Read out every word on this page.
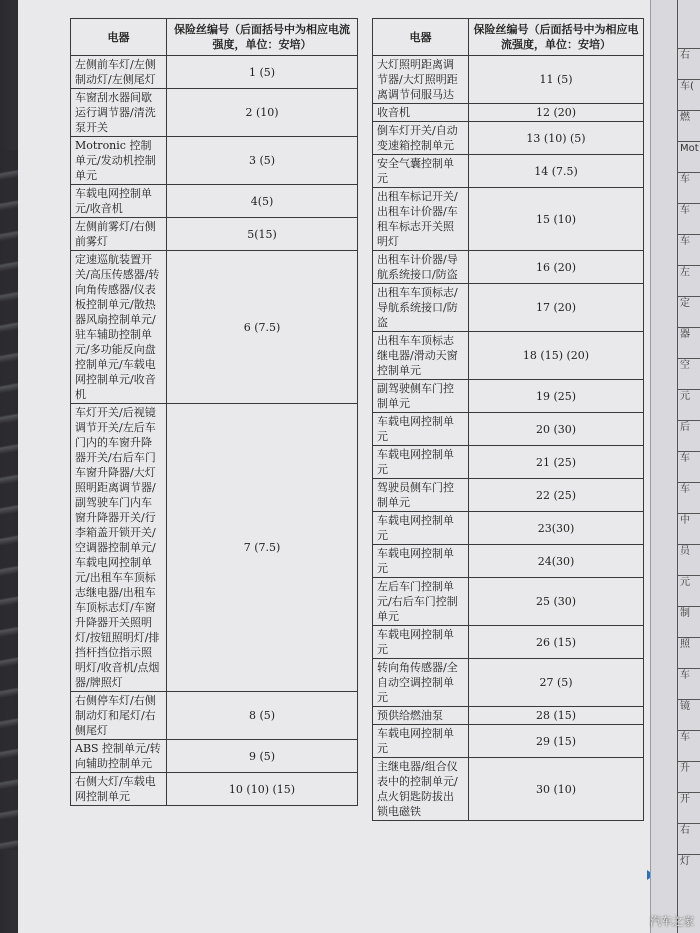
电器	保险丝编号（后面括号中为相应电流强度，单位：安培）
左侧前车灯/左侧制动灯/左侧尾灯	1 (5)
车窗刮水器间歇运行调节器/清洗泵开关	2 (10)
Motronic 控制单元/发动机控制单元	3 (5)
车载电网控制单元/收音机	4(5)
左侧前雾灯/右侧前雾灯	5(15)
定速巡航装置开关/高压传感器/转向角传感器/仪表板控制单元/散热器风扇控制单元/驻车辅助控制单元/多功能反向盘控制单元/车载电网控制单元/收音机	6 (7.5)
车灯开关/后视镜调节开关/左后车门内的车窗升降器开关/右后车门车窗升降器/大灯照明距离调节器/副驾驶车门内车窗升降器开关/行李箱盖开锁开关/空调器控制单元/车载电网控制单元/出租车车顶标志继电器/出租车车顶标志灯/车窗升降器开关照明灯/按钮照明灯/排挡杆挡位指示照明灯/收音机/点烟器/牌照灯	7 (7.5)
右侧停车灯/右侧制动灯和尾灯/右侧尾灯	8 (5)
ABS 控制单元/转向辅助控制单元	9 (5)
右侧大灯/车载电网控制单元	10 (10) (15)
电器	保险丝编号（后面括号中为相应电流强度，单位：安培）
大灯照明距离调节器/大灯照明距离调节伺服马达	11 (5)
收音机	12 (20)
倒车灯开关/自动变速箱控制单元	13 (10) (5)
安全气囊控制单元	14 (7.5)
出租车标记开关/出租车计价器/车租车标志开关照明灯	15 (10)
出租车计价器/导航系统接口/防盗	16 (20)
出租车车顶标志/导航系统接口/防盗	17 (20)
出租车车顶标志继电器/滑动天窗控制单元	18 (15) (20)
副驾驶侧车门控制单元	19 (25)
车载电网控制单元	20 (30)
车载电网控制单元	21 (25)
驾驶员侧车门控制单元	22 (25)
车载电网控制单元	23(30)
车载电网控制单元	24(30)
左后车门控制单元/右后车门控制单元	25 (30)
车载电网控制单元	26 (15)
转向角传感器/全自动空调控制单元	27 (5)
预供给燃油泵	28 (15)
车载电网控制单元	29 (15)
主继电器/组合仪表中的控制单元/点火钥匙防拔出锁电磁铁	30 (10)
右
车(
燃
Mot
车
车
车
左
定
器
空
元
后
车
车
中
员
元
制
照
车
镜
车
升
开
右
灯
汽车之家
